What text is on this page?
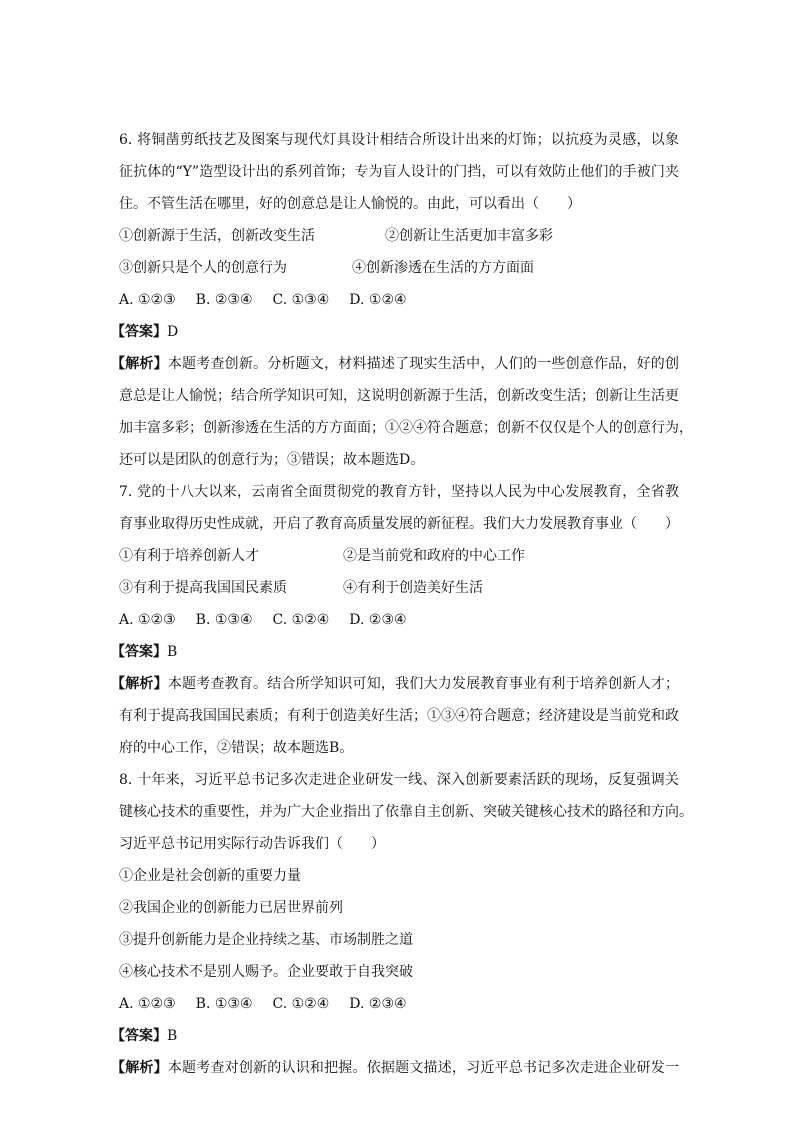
6. 将铜凿剪纸技艺及图案与现代灯具设计相结合所设计出来的灯饰；以抗疫为灵感，以象
征抗体的“Y”造型设计出的系列首饰；专为盲人设计的门挡，可以有效防止他们的手被门夹
住。不管生活在哪里，好的创意总是让人愉悦的。由此，可以看出（　　）
①创新源于生活，创新改变生活	②创新让生活更加丰富多彩
③创新只是个人的创意行为	④创新渗透在生活的方方面面
A. ①②③ B. ②③④ C. ①③④ D. ①②④
【答案】D
【解析】本题考查创新。分析题文，材料描述了现实生活中，人们的一些创意作品，好的创
意总是让人愉悦；结合所学知识可知，这说明创新源于生活，创新改变生活；创新让生活更
加丰富多彩；创新渗透在生活的方方面面；①②④符合题意；创新不仅仅是个人的创意行为，
还可以是团队的创意行为；③错误；故本题选D。
7. 党的十八大以来，云南省全面贯彻党的教育方针，坚持以人民为中心发展教育，全省教
育事业取得历史性成就，开启了教育高质量发展的新征程。我们大力发展教育事业（　　）
①有利于培养创新人才	②是当前党和政府的中心工作
③有利于提高我国国民素质	④有利于创造美好生活
A. ①②③ B. ①③④ C. ①②④ D. ②③④
【答案】B
【解析】本题考查教育。结合所学知识可知，我们大力发展教育事业有利于培养创新人才；
有利于提高我国国民素质；有利于创造美好生活；①③④符合题意；经济建设是当前党和政
府的中心工作，②错误；故本题选B。
8. 十年来，习近平总书记多次走进企业研发一线、深入创新要素活跃的现场，反复强调关
键核心技术的重要性，并为广大企业指出了依靠自主创新、突破关键核心技术的路径和方向。
习近平总书记用实际行动告诉我们（　　）
①企业是社会创新的重要力量
②我国企业的创新能力已居世界前列
③提升创新能力是企业持续之基、市场制胜之道
④核心技术不是别人赐予。企业要敢于自我突破
A. ①②③ B. ①③④ C. ①②④ D. ②③④
【答案】B
【解析】本题考查对创新的认识和把握。依据题文描述，习近平总书记多次走进企业研发一
